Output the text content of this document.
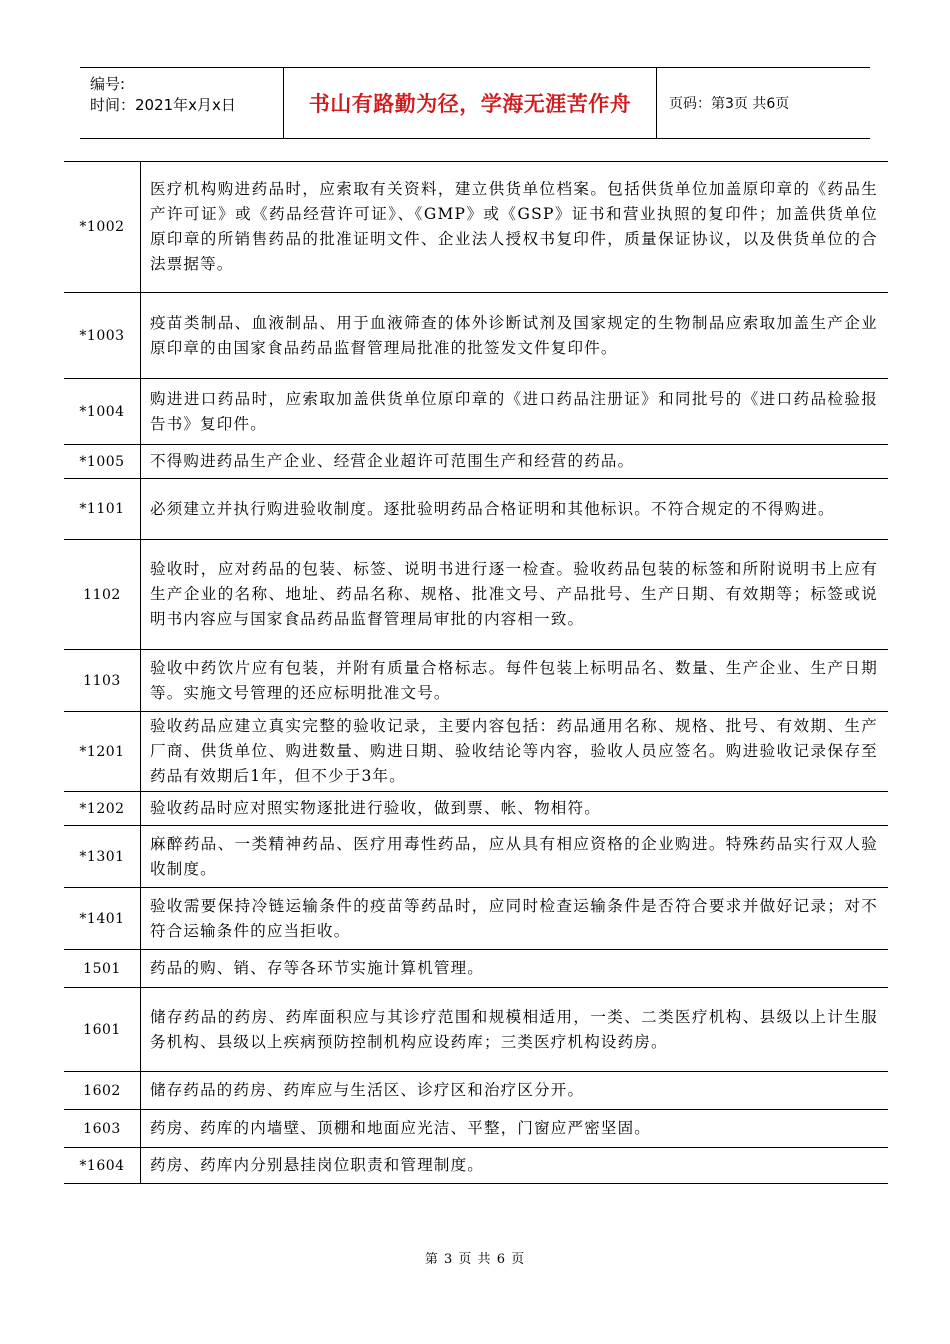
编号:
时间：2021年x月x日	书山有路勤为径，学海无涯苦作舟	页码：第3页 共6页
*1002	医疗机构购进药品时，应索取有关资料，建立供货单位档案。包括供货单位加盖原印章的《药品生产许可证》或《药品经营许可证》、《GMP》或《GSP》证书和营业执照的复印件；加盖供货单位原印章的所销售药品的批准证明文件、企业法人授权书复印件，质量保证协议，以及供货单位的合法票据等。
*1003	疫苗类制品、血液制品、用于血液筛查的体外诊断试剂及国家规定的生物制品应索取加盖生产企业原印章的由国家食品药品监督管理局批准的批签发文件复印件。
*1004	购进进口药品时，应索取加盖供货单位原印章的《进口药品注册证》和同批号的《进口药品检验报告书》复印件。
*1005	不得购进药品生产企业、经营企业超许可范围生产和经营的药品。
*1101	必须建立并执行购进验收制度。逐批验明药品合格证明和其他标识。不符合规定的不得购进。
1102	验收时，应对药品的包装、标签、说明书进行逐一检查。验收药品包装的标签和所附说明书上应有生产企业的名称、地址、药品名称、规格、批准文号、产品批号、生产日期、有效期等；标签或说明书内容应与国家食品药品监督管理局审批的内容相一致。
1103	验收中药饮片应有包装，并附有质量合格标志。每件包装上标明品名、数量、生产企业、生产日期等。实施文号管理的还应标明批准文号。
*1201	验收药品应建立真实完整的验收记录，主要内容包括：药品通用名称、规格、批号、有效期、生产厂商、供货单位、购进数量、购进日期、验收结论等内容，验收人员应签名。购进验收记录保存至药品有效期后1年，但不少于3年。
*1202	验收药品时应对照实物逐批进行验收，做到票、帐、物相符。
*1301	麻醉药品、一类精神药品、医疗用毒性药品，应从具有相应资格的企业购进。特殊药品实行双人验收制度。
*1401	验收需要保持冷链运输条件的疫苗等药品时，应同时检查运输条件是否符合要求并做好记录；对不符合运输条件的应当拒收。
1501	药品的购、销、存等各环节实施计算机管理。
1601	储存药品的药房、药库面积应与其诊疗范围和规模相适用，一类、二类医疗机构、县级以上计生服务机构、县级以上疾病预防控制机构应设药库；三类医疗机构设药房。
1602	储存药品的药房、药库应与生活区、诊疗区和治疗区分开。
1603	药房、药库的内墙壁、顶棚和地面应光洁、平整，门窗应严密坚固。
*1604	药房、药库内分别悬挂岗位职责和管理制度。
第 3 页 共 6 页
